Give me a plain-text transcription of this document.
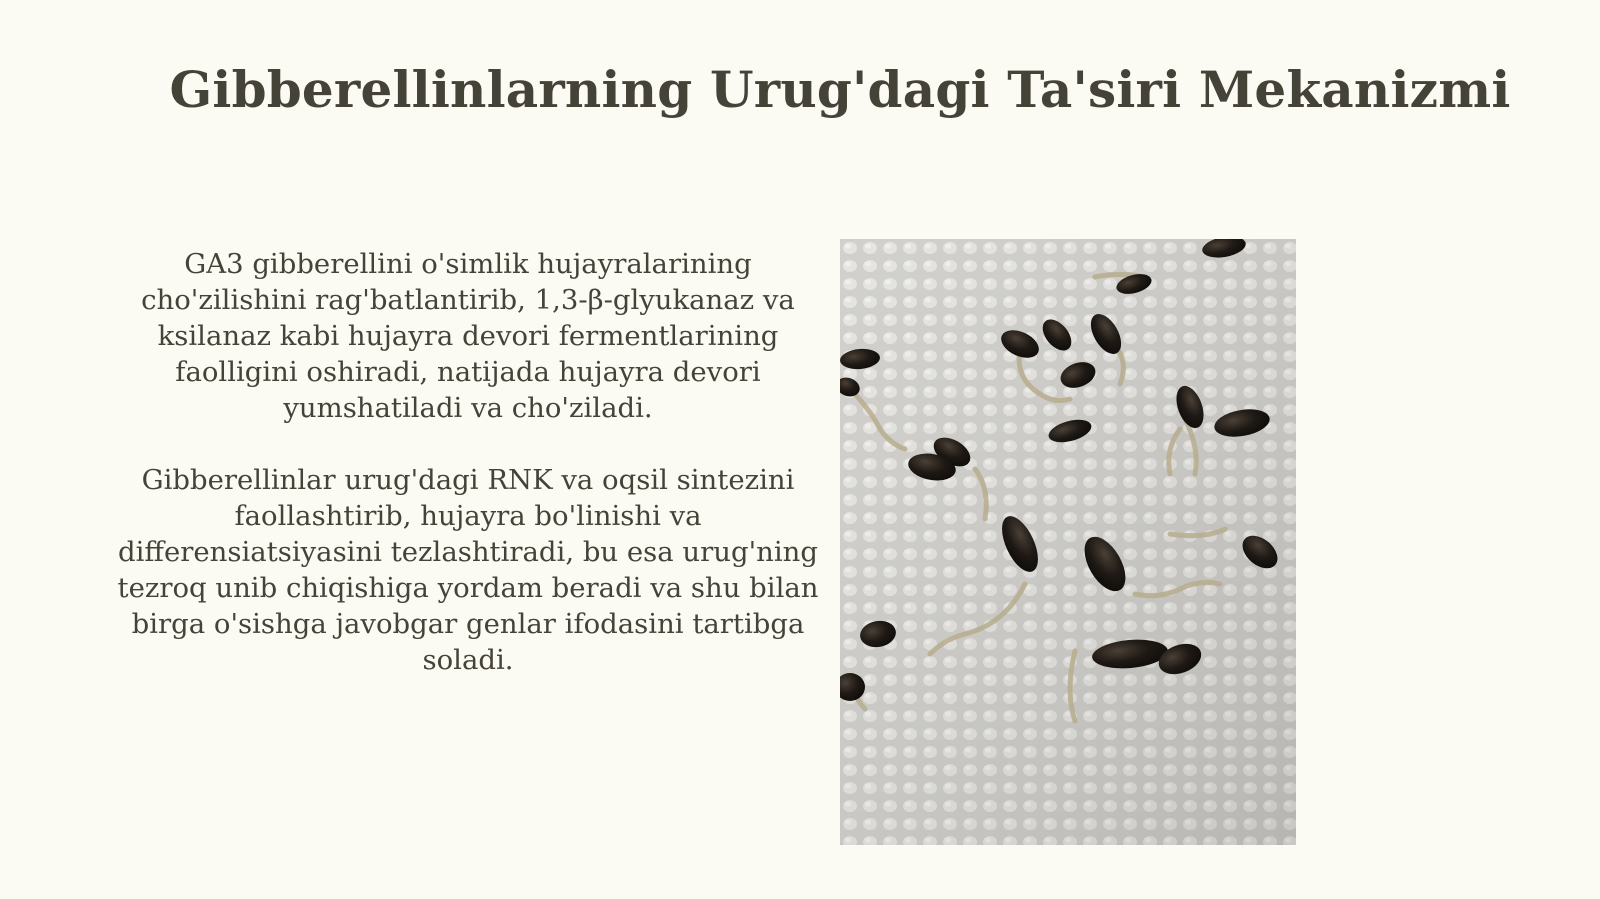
Gibberellinlarning Urug'dagi Ta'siri Mekanizmi

GA3 gibberellini o'simlik hujayralarining cho'zilishini rag'batlantirib, 1,3-β-glyukanaz va ksilanaz kabi hujayra devori fermentlarining faolligini oshiradi, natijada hujayra devori yumshatiladi va cho'ziladi.

Gibberellinlar urug'dagi RNK va oqsil sintezini faollashtirib, hujayra bo'linishi va differensiatsiyasini tezlashtiradi, bu esa urug'ning tezroq unib chiqishiga yordam beradi va shu bilan birga o'sishga javobgar genlar ifodasini tartibga soladi.
